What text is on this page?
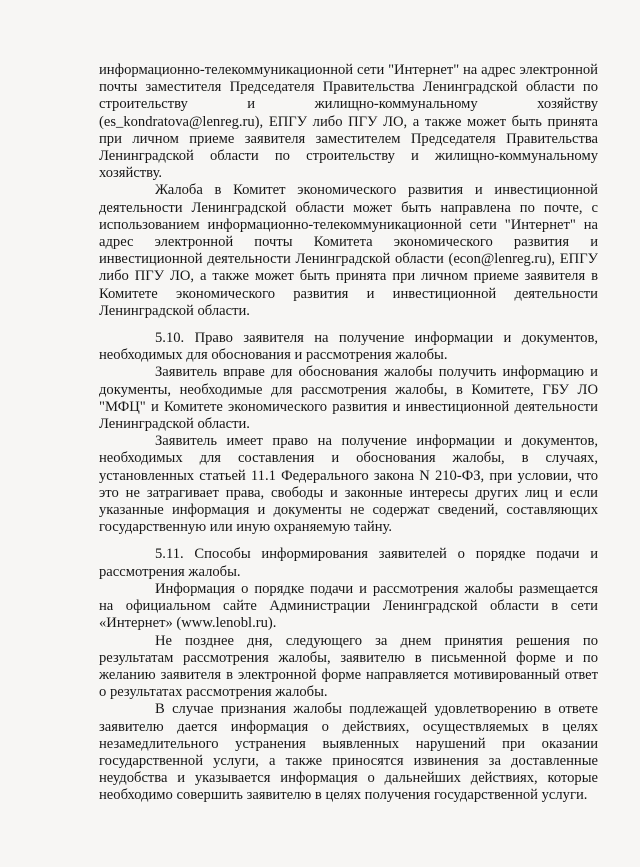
информационно-телекоммуникационной сети "Интернет" на адрес электронной почты заместителя Председателя Правительства Ленинградской области по строительству и жилищно-коммунальному хозяйству (es_kondratova@lenreg.ru), ЕПГУ либо ПГУ ЛО, а также может быть принята при личном приеме заявителя заместителем Председателя Правительства Ленинградской области по строительству и жилищно-коммунальному хозяйству.

Жалоба в Комитет экономического развития и инвестиционной деятельности Ленинградской области может быть направлена по почте, с использованием информационно-телекоммуникационной сети "Интернет" на адрес электронной почты Комитета экономического развития и инвестиционной деятельности Ленинградской области (econ@lenreg.ru), ЕПГУ либо ПГУ ЛО, а также может быть принята при личном приеме заявителя в Комитете экономического развития и инвестиционной деятельности Ленинградской области.

5.10. Право заявителя на получение информации и документов, необходимых для обоснования и рассмотрения жалобы.

Заявитель вправе для обоснования жалобы получить информацию и документы, необходимые для рассмотрения жалобы, в Комитете, ГБУ ЛО "МФЦ" и Комитете экономического развития и инвестиционной деятельности Ленинградской области.

Заявитель имеет право на получение информации и документов, необходимых для составления и обоснования жалобы, в случаях, установленных статьей 11.1 Федерального закона N 210-ФЗ, при условии, что это не затрагивает права, свободы и законные интересы других лиц и если указанные информация и документы не содержат сведений, составляющих государственную или иную охраняемую тайну.

5.11. Способы информирования заявителей о порядке подачи и рассмотрения жалобы.

Информация о порядке подачи и рассмотрения жалобы размещается на официальном сайте Администрации Ленинградской области в сети «Интернет» (www.lenobl.ru).

Не позднее дня, следующего за днем принятия решения по результатам рассмотрения жалобы, заявителю в письменной форме и по желанию заявителя в электронной форме направляется мотивированный ответ о результатах рассмотрения жалобы.

В случае признания жалобы подлежащей удовлетворению в ответе заявителю дается информация о действиях, осуществляемых в целях незамедлительного устранения выявленных нарушений при оказании государственной услуги, а также приносятся извинения за доставленные неудобства и указывается информация о дальнейших действиях, которые необходимо совершить заявителю в целях получения государственной услуги.
